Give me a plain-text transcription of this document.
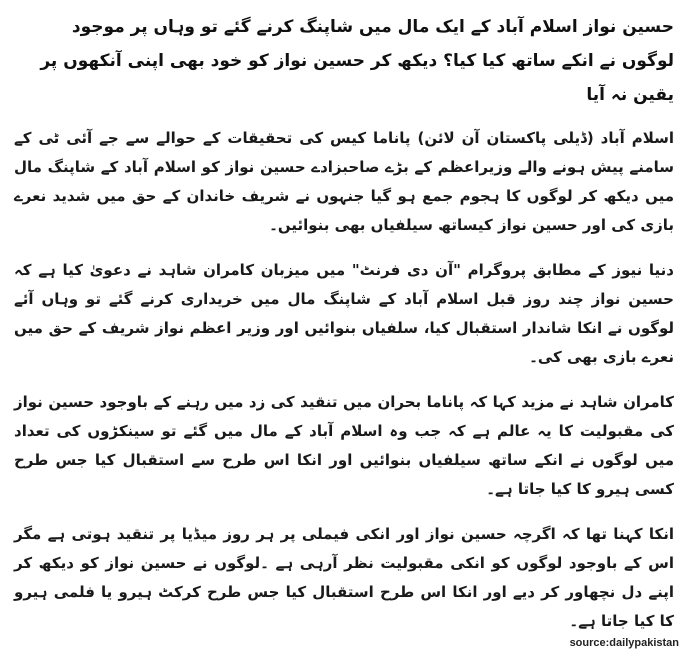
حسین نواز اسلام آباد کے ایک مال میں شاپنگ کرنے گئے تو وہاں پر موجود لوگوں نے انکے ساتھ کیا کیا؟ دیکھ کر حسین نواز کو خود بھی اپنی آنکھوں پر یقین نہ آیا

اسلام آباد (ڈیلی پاکستان آن لائن) پاناما کیس کی تحقیقات کے حوالے سے جے آئی ٹی کے سامنے پیش ہونے والے وزیراعظم کے بڑے صاحبزادے حسین نواز کو اسلام آباد کے شاپنگ مال میں دیکھ کر لوگوں کا ہجوم جمع ہو گیا جنہوں نے شریف خاندان کے حق میں شدید نعرے بازی کی اور حسین نواز کیساتھ سیلفیاں بھی بنوائیں۔

دنیا نیوز کے مطابق پروگرام "آن دی فرنٹ" میں میزبان کامران شاہد نے دعویٰ کیا ہے کہ حسین نواز چند روز قبل اسلام آباد کے شاپنگ مال میں خریداری کرنے گئے تو وہاں آئے لوگوں نے انکا شاندار استقبال کیا، سلفیاں بنوائیں اور وزیر اعظم نواز شریف کے حق میں نعرے بازی بھی کی۔

کامران شاہد نے مزید کہا کہ پاناما بحران میں تنقید کی زد میں رہنے کے باوجود حسین نواز کی مقبولیت کا یہ عالم ہے کہ جب وہ اسلام آباد کے مال میں گئے تو سینکڑوں کی تعداد میں لوگوں نے انکے ساتھ سیلفیاں بنوائیں اور انکا اس طرح سے استقبال کیا جس طرح کسی ہیرو کا کیا جاتا ہے۔

انکا کہنا تھا کہ اگرچہ حسین نواز اور انکی فیملی پر ہر روز میڈیا پر تنقید ہوتی ہے مگر اس کے باوجود لوگوں کو انکی مقبولیت نظر آرہی ہے ۔لوگوں نے حسین نواز کو دیکھ کر اپنے دل نچھاور کر دیے اور انکا اس طرح استقبال کیا جس طرح کرکٹ ہیرو یا فلمی ہیرو کا کیا جاتا ہے۔

source:dailypakistan
